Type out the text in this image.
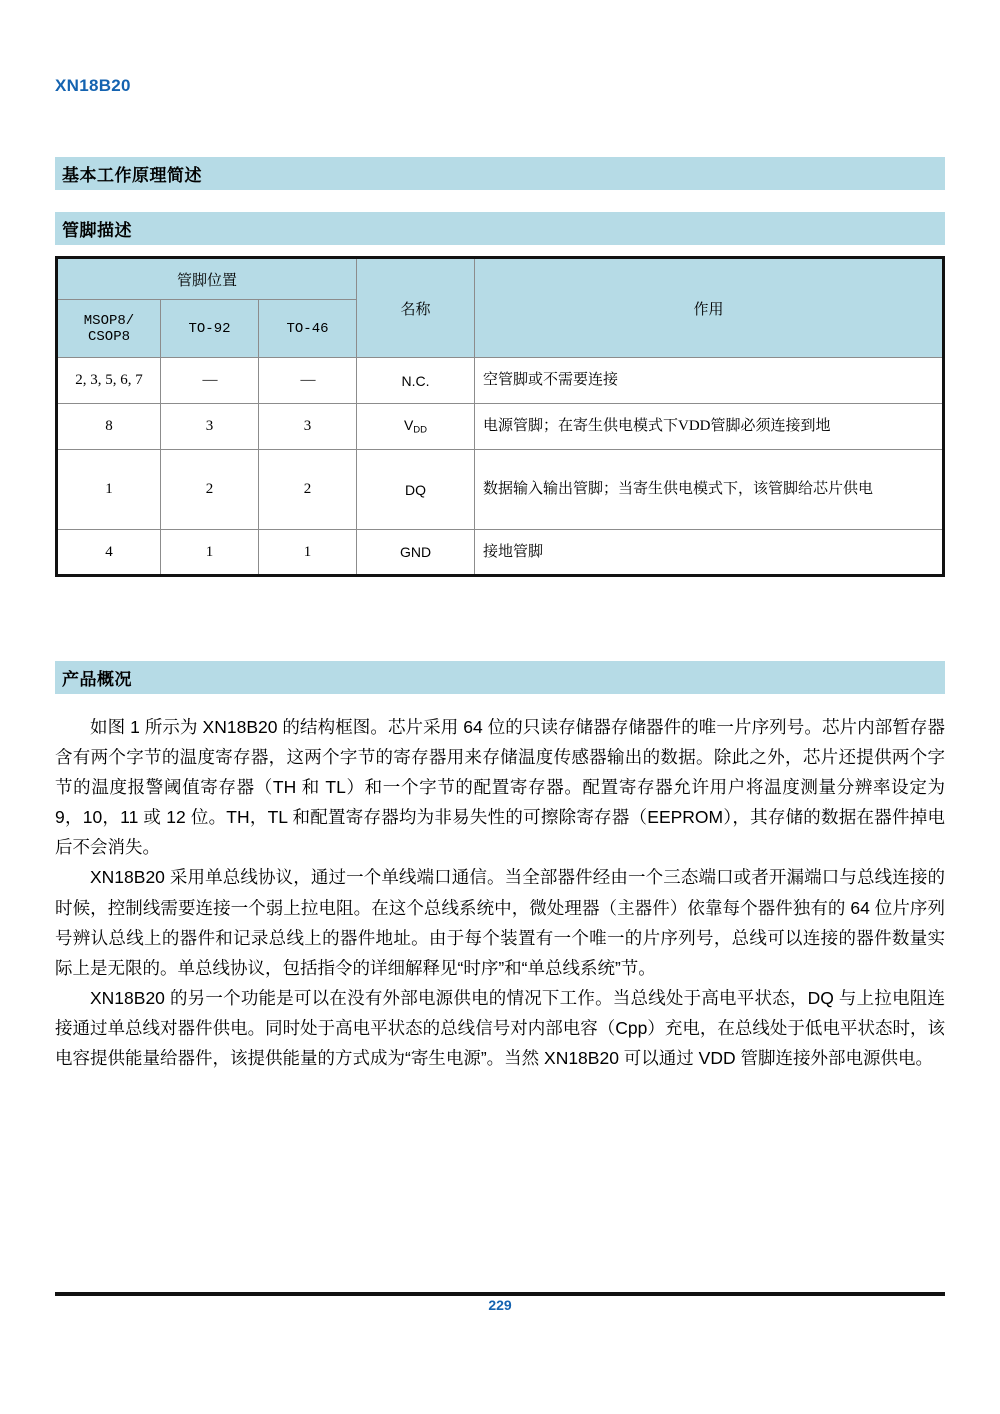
XN18B20
基本工作原理简述
管脚描述
管脚位置			名称	作用

MSOP8/
CSOP8	TO-92	TO-46		
2, 3, 5, 6, 7	—	—	N.C.	空管脚或不需要连接
8	3	3	$V_{DD}$	电源管脚；在寄生供电模式下VDD管脚必须连接到地
1	2	2	DQ	数据输入输出管脚；当寄生供电模式下，该管脚给芯片供电
4	1	1	GND	接地管脚
产品概况

如图 1 所示为 XN18B20 的结构框图。芯片采用 64 位的只读存储器存储器件的唯一片序列号。芯片内部暂存器含有两个字节的温度寄存器，这两个字节的寄存器用来存储温度传感器输出的数据。除此之外，芯片还提供两个字节的温度报警阈值寄存器（TH 和 TL）和一个字节的配置寄存器。配置寄存器允许用户将温度测量分辨率设定为 9，10，11 或 12 位。TH，TL 和配置寄存器均为非易失性的可擦除寄存器（EEPROM），其存储的数据在器件掉电后不会消失。

XN18B20 采用单总线协议，通过一个单线端口通信。当全部器件经由一个三态端口或者开漏端口与总线连接的时候，控制线需要连接一个弱上拉电阻。在这个总线系统中，微处理器（主器件）依靠每个器件独有的 64 位片序列号辨认总线上的器件和记录总线上的器件地址。由于每个装置有一个唯一的片序列号，总线可以连接的器件数量实际上是无限的。单总线协议，包括指令的详细解释见“时序”和“单总线系统”节。

XN18B20 的另一个功能是可以在没有外部电源供电的情况下工作。当总线处于高电平状态，DQ 与上拉电阻连接通过单总线对器件供电。同时处于高电平状态的总线信号对内部电容（Cpp）充电，在总线处于低电平状态时，该电容提供能量给器件，该提供能量的方式成为“寄生电源”。当然 XN18B20 可以通过 VDD 管脚连接外部电源供电。

229
